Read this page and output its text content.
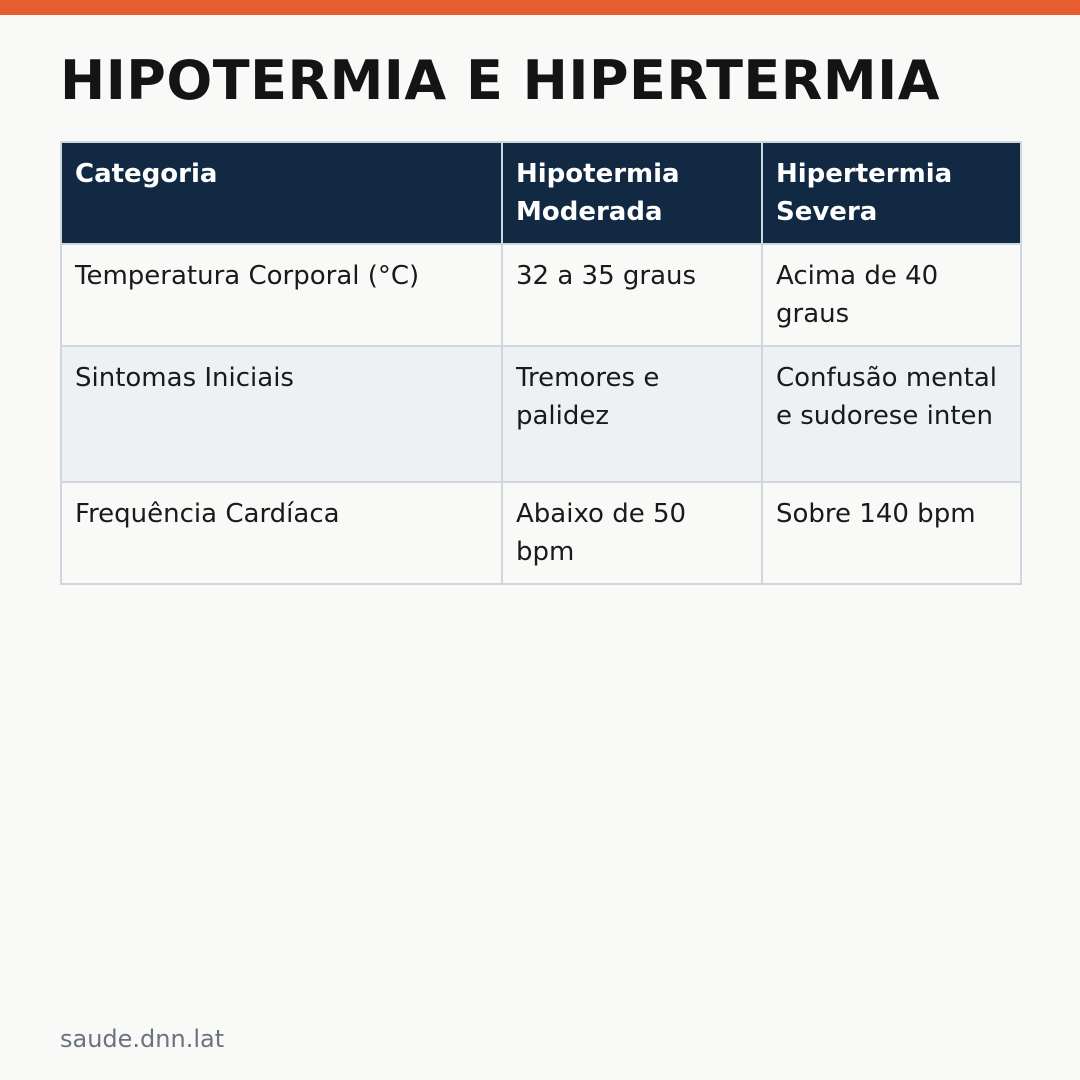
HIPOTERMIA E HIPERTERMIA
Categoria	Hipotermia Moderada	Hipertermia Severa
Temperatura Corporal (°C)	32 a 35 graus	Acima de 40 graus
Sintomas Iniciais	Tremores e palidez	Confusão mental e sudorese inten
Frequência Cardíaca	Abaixo de 50 bpm	Sobre 140 bpm
saude.dnn.lat
